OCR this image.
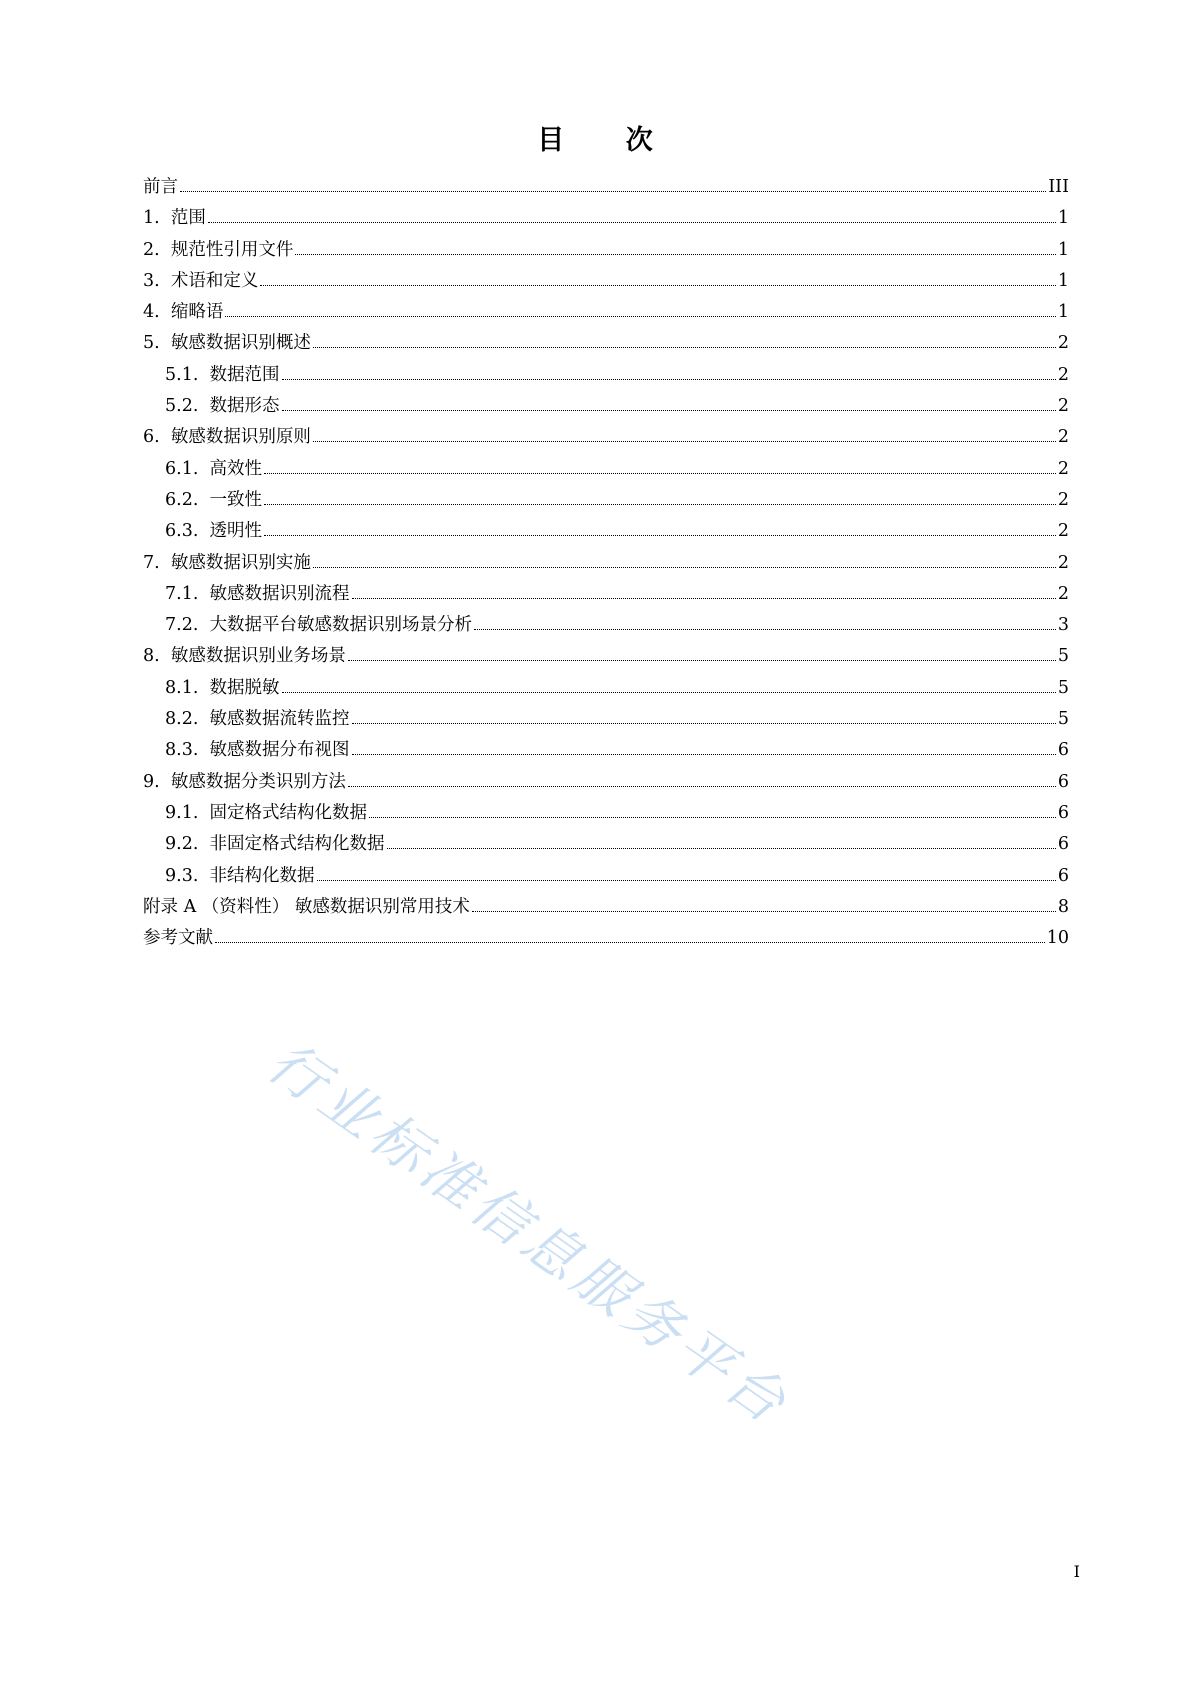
行业标准信息服务平台
目 次
前言	III
1. 范围	1
2. 规范性引用文件	1
3. 术语和定义	1
4. 缩略语	1
5. 敏感数据识别概述	2
5.1. 数据范围	2
5.2. 数据形态	2
6. 敏感数据识别原则	2
6.1. 高效性	2
6.2. 一致性	2
6.3. 透明性	2
7. 敏感数据识别实施	2
7.1. 敏感数据识别流程	2
7.2. 大数据平台敏感数据识别场景分析	3
8. 敏感数据识别业务场景	5
8.1. 数据脱敏	5
8.2. 敏感数据流转监控	5
8.3. 敏感数据分布视图	6
9. 敏感数据分类识别方法	6
9.1. 固定格式结构化数据	6
9.2. 非固定格式结构化数据	6
9.3. 非结构化数据	6
附录 A （资料性） 敏感数据识别常用技术	8
参考文献	10
I
